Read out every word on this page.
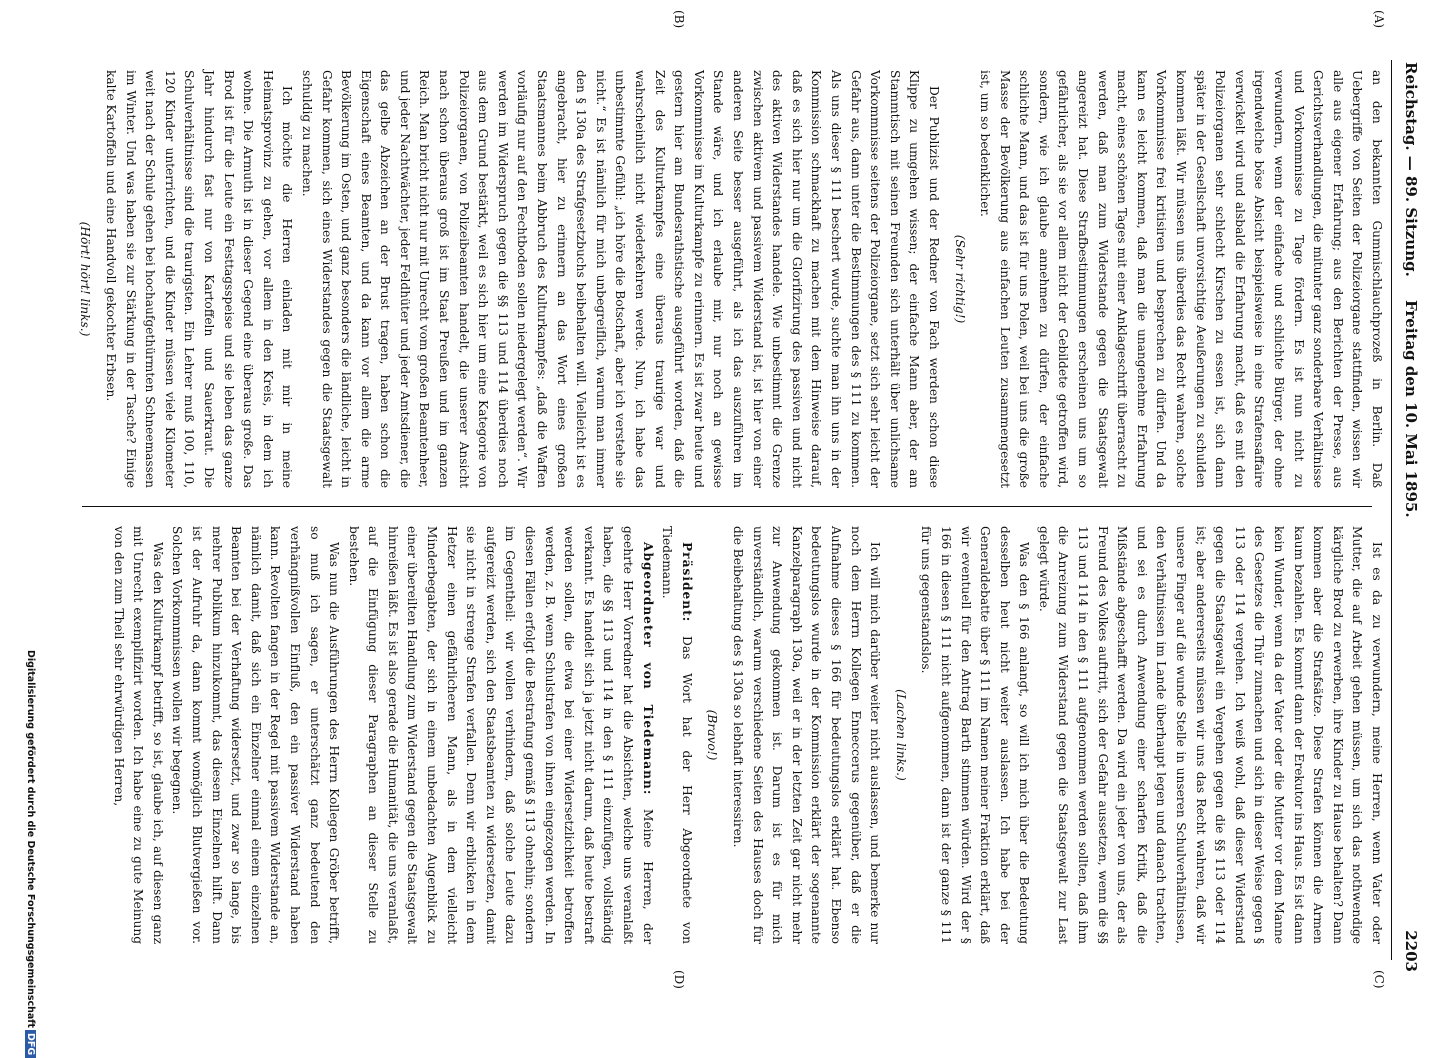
Reichstag. — 89. Sitzung.
Freitag den 10. Mai 1895.
2203
(A)
(B)
(C)
(D)

an den bekannten Gummischlauchprozeß in Berlin. Daß Uebergriffe von Seiten der Polizeiorgane stattfinden, wissen wir alle aus eigener Erfahrung; aus den Berichten der Presse, aus Gerichtsverhandlungen, die mitunter ganz sonderbare Verhältnisse und Vorkommnisse zu Tage fördern. Es ist nun nicht zu verwundern, wenn der einfache und schlichte Bürger, der ohne irgendwelche böse Absicht beispielsweise in eine Strafensaffaire verwickelt wird und alsbald die Erfahrung macht, daß es mit den Polizeiorganen sehr schlecht Kirschen zu essen ist, sich dann später in der Gesellschaft unvorsichtige Aeußerungen zu schulden kommen läßt. Wir müssen uns überdies das Recht wahren, solche Vorkommnisse frei kritisiren und besprechen zu dürfen. Und da kann es leicht kommen, daß man die unangenehme Erfahrung macht, eines schönen Tages mit einer Anklageschrift überrascht zu werden, daß man zum Widerstande gegen die Staatsgewalt angereizt hat. Diese Strafbestimmungen erscheinen uns um so gefährlicher, als sie vor allem nicht der Gebildete getroffen wird, sondern, wie ich glaube annehmen zu dürfen, der einfache schlichte Mann, und das ist für uns Polen, weil bei uns die große Masse der Bevölkerung aus einfachen Leuten zusammengesetzt ist, um so bedenklicher.

(Sehr richtig!)

Der Publizist und der Redner von Fach werden schon diese Klippe zu umgehen wissen; der einfache Mann aber, der am Stammtisch mit seinen Freunden sich unterhält über unlichsame Vorkommnisse seitens der Polizeiorgane, setzt sich sehr leicht der Gefahr aus, dann unter die Bestimmungen des § 111 zu kommen. Als uns dieser § 111 beschert wurde, suchte man ihn uns in der Kommission schmackhaft zu machen mit dem Hinweise darauf, daß es sich hier nur um die Glorifizirung des passiven und nicht des aktiven Widerstandes handele. Wie unbestimmt die Grenze zwischen aktivem und passivem Widerstand ist, ist hier von einer anderen Seite besser ausgeführt, als ich das auszuführen im Stande wäre, und ich erlaube mir, nur noch an gewisse Vorkommnisse im Kulturkampfe zu erinnern. Es ist zwar heute und gestern hier am Bundesrathstische ausgeführt worden, daß die Zeit des Kulturkampfes eine überaus traurige war und wahrscheinlich nicht wiederkehren werde. Nun, ich habe das unbestimmte Gefühl: „ich höre die Botschaft, aber ich verstehe sie nicht.“ Es ist nämlich für mich unbegreiflich, warum man immer den § 130a des Strafgesetzbuchs beibehalten will. Vielleicht ist es angebracht, hier zu erinnern an das Wort eines großen Staatsmannes beim Abbruch des Kulturkampfes: „daß die Waffen vorläufig nur auf den Fechtboden sollen niedergelegt werden“. Wir werden im Widerspruch gegen die §§ 113 und 114 überdies noch aus dem Grund bestärkt, weil es sich hier um eine Kategorie von Polizeiorganen, von Polizeibeamten handelt, die unserer Ansicht nach schon überaus groß ist im Staat Preußen und im ganzen Reich. Man bricht nicht nur mit Unrecht vom großen Beamtenheer, und jeder Nachtwächter, jeder Feldhüter und jeder Amtsdiener, die das gelbe Abzeichen an der Brust tragen, haben schon die Eigenschaft eines Beamten, und da kann vor allem die arme Bevölkerung im Osten, und ganz besonders die ländliche, leicht in Gefahr kommen, sich eines Widerstandes gegen die Staatsgewalt schuldig zu machen.

Ich möchte die Herren einladen mit mir in meine Heimatsprovinz zu gehen, vor allem in den Kreis, in dem ich wohne. Die Armuth ist in dieser Gegend eine überaus große. Das Brod ist für die Leute ein Festtagsspeise und sie leben das ganze Jahr hindurch fast nur von Kartoffeln und Sauerkraut. Die Schulverhältnisse sind die traurigsten. Ein Lehrer muß 100, 110, 120 Kinder unterrichten, und die Kinder müssen viele Kilometer weit nach der Schule gehen bei hochaufgethürmten Schneemassen im Winter. Und was haben sie zur Stärkung in der Tasche? Einige kalte Kartoffeln und eine Handvoll gekochter Erbsen.

(Hört! hört! links.)

Ist es da zu verwundern, meine Herren, wenn Vater oder Mutter, die auf Arbeit gehen müssen, um sich das nothwendige kärgliche Brod zu erwerben, ihre Kinder zu Hause behalten? Dann kommen aber die Strafsätze. Diese Strafen können die Armen kaum bezahlen. Es kommt dann der Erekutor ins Haus. Es ist dann kein Wunder, wenn da der Vater oder die Mutter vor dem Manne des Gesetzes die Thür zumachen und sich in dieser Weise gegen § 113 oder 114 vergehen. Ich weiß wohl, daß dieser Widerstand gegen die Staatsgewalt ein Vergehen gegen die §§ 113 oder 114 ist; aber andererseits müssen wir uns das Recht wahren, daß wir unsere Finger auf die wunde Stelle in unseren Schulverhältnissen, den Verhältnissen im Lande überhaupt legen und danach trachten, und sei es durch Anwendung einer scharfen Kritik, daß die Mißstände abgeschafft werden. Da wird ein jeder von uns, der als Freund des Volkes auftritt, sich der Gefahr aussetzen, wenn die §§ 113 und 114 in den § 111 aufgenommen werden sollten, daß ihm die Anreizung zum Widerstand gegen die Staatsgewalt zur Last gelegt würde.

Was den § 166 anlangt, so will ich mich über die Bedeutung desselben heut nicht weiter auslassen. Ich habe bei der Generaldebatte über § 111 im Namen meiner Fraktion erklärt, daß wir eventuell für den Antrag Barth stimmen würden. Wird der § 166 in diesen § 111 nicht aufgenommen, dann ist der ganze § 111 für uns gegenstandslos.

(Lachen links.)

Ich will mich darüber weiter nicht auslassen, und bemerke nur noch dem Herrn Kollegen Enneccerus gegenüber, daß er die Aufnahme dieses § 166 für bedeutungslos erklärt hat. Ebenso bedeutungslos wurde in der Kommission erklärt der sogenannte Kanzelparagraph 130a, weil er in der letzten Zeit gar nicht mehr zur Anwendung gekommen ist. Darum ist es für mich unverständlich, warum verschiedene Seiten des Hauses doch für die Beibehaltung des § 130a so lebhaft interessiren.

(Bravo!)

Präsident: Das Wort hat der Herr Abgeordnete von Tiedemann.

Abgeordneter von Tiedemann: Meine Herren, der geehrte Herr Vorredner hat die Absichten, welche uns veranlaßt haben, die §§ 113 und 114 in den § 111 einzufügen, vollständig verkannt. Es handelt sich ja jetzt nicht darum, daß heute bestraft werden sollen, die etwa bei einer Widersetzlichkeit betroffen werden, z. B. wenn Schulstrafen von ihnen eingezogen werden. In diesen Fällen erfolgt die Bestrafung gemäß § 113 ohnehin; sondern im Gegentheil: wir wollen verhindern, daß solche Leute dazu aufgereizt werden, sich den Staatsbeamten zu widersetzen, damit sie nicht in strenge Strafen verfallen. Denn wir erblicken in dem Hetzer einen gefährlicheren Mann, als in dem vielleicht Minderbegabten, der sich in einem unbedachten Augenblick zu einer übereilten Handlung zum Widerstand gegen die Staatsgewalt hinreißen läßt. Es ist also gerade die Humanität, die uns veranlaßt, auf die Einfügung dieser Paragraphen an dieser Stelle zu bestehen.

Was nun die Ausführungen des Herrn Kollegen Gröber betrifft, so muß ich sagen, er unterschätzt ganz bedeutend den verhängnißvollen Einfluß, den ein passiver Widerstand haben kann. Revolten fangen in der Regel mit passivem Widerstande an, nämlich damit, daß sich ein Einzelner einmal einem einzelnen Beamten bei der Verhaftung widersetzt, und zwar so lange, bis mehrer Publikum hinzukommt, das diesem Einzelnen hilft. Dann ist der Aufruhr da, dann kommt womöglich Blutvergießen vor. Solchen Vorkommnissen wollen wir begegnen.

Was den Kulturkampf betrifft, so ist, glaube ich, auf diesen ganz mit Unrecht exemplifizirt worden. Ich habe eine zu gute Meinung von den zum Theil sehr ehrwürdigen Herren,

Digitalisierung gefördert durch die Deutsche ForschungsgemeinschaftDFG
